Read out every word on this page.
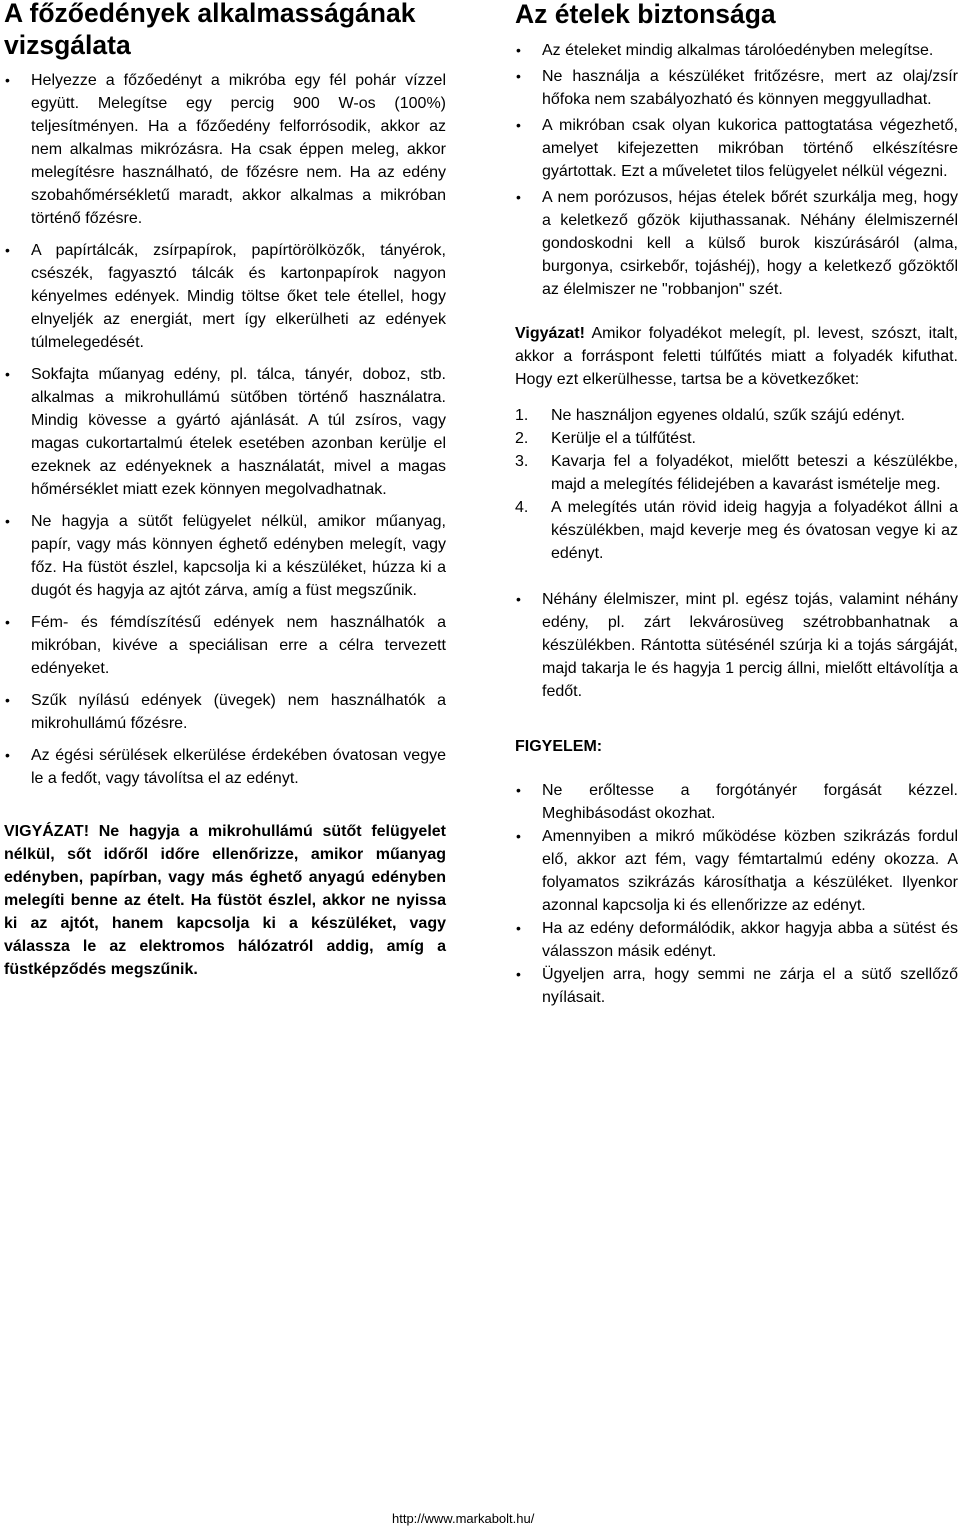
A főzőedények alkalmasságának vizsgálata
• Helyezze a főzőedényt a mikróba egy fél pohár vízzel együtt. Melegítse egy percig 900 W-os (100%) teljesítményen. Ha a főzőedény felforrósodik, akkor az nem alkalmas mikrózásra. Ha csak éppen meleg, akkor melegítésre használható, de főzésre nem. Ha az edény szobahőmérsékletű maradt, akkor alkalmas a mikróban történő főzésre.
• A papírtálcák, zsírpapírok, papírtörölközők, tányérok, csészék, fagyasztó tálcák és kartonpapírok nagyon kényelmes edények. Mindig töltse őket tele étellel, hogy elnyeljék az energiát, mert így elkerülheti az edények túlmelegedését.
• Sokfajta műanyag edény, pl. tálca, tányér, doboz, stb. alkalmas a mikrohullámú sütőben történő használatra. Mindig kövesse a gyártó ajánlását. A túl zsíros, vagy magas cukortartalmú ételek esetében azonban kerülje el ezeknek az edényeknek a használatát, mivel a magas hőmérséklet miatt ezek könnyen megolvadhatnak.
• Ne hagyja a sütőt felügyelet nélkül, amikor műanyag, papír, vagy más könnyen éghető edényben melegít, vagy főz. Ha füstöt észlel, kapcsolja ki a készüléket, húzza ki a dugót és hagyja az ajtót zárva, amíg a füst megszűnik.
• Fém- és fémdíszítésű edények nem használhatók a mikróban, kivéve a speciálisan erre a célra tervezett edényeket.
• Szűk nyílású edények (üvegek) nem használhatók a mikrohullámú főzésre.
• Az égési sérülések elkerülése érdekében óvatosan vegye le a fedőt, vagy távolítsa el az edényt.

VIGYÁZAT! Ne hagyja a mikrohullámú sütőt felügyelet nélkül, sőt időről időre ellenőrizze, amikor műanyag edényben, papírban, vagy más éghető anyagú edényben melegíti benne az ételt. Ha füstöt észlel, akkor ne nyissa ki az ajtót, hanem kapcsolja ki a készüléket, vagy válassza le az elektromos hálózatról addig, amíg a füstképződés megszűnik.

Az ételek biztonsága
• Az ételeket mindig alkalmas tárolóedényben melegítse.
• Ne használja a készüléket fritőzésre, mert az olaj/zsír hőfoka nem szabályozható és könnyen meggyulladhat.
• A mikróban csak olyan kukorica pattogtatása végezhető, amelyet kifejezetten mikróban történő elkészítésre gyártottak. Ezt a műveletet tilos felügyelet nélkül végezni.
• A nem porózusos, héjas ételek bőrét szurkálja meg, hogy a keletkező gőzök kijuthassanak. Néhány élelmiszernél gondoskodni kell a külső burok kiszúrásáról (alma, burgonya, csirkebőr, tojáshéj), hogy a keletkező gőzöktől az élelmiszer ne "robbanjon" szét.

Vigyázat! Amikor folyadékot melegít, pl. levest, szószt, italt, akkor a forráspont feletti túlfűtés miatt a folyadék kifuthat. Hogy ezt elkerülhesse, tartsa be a következőket:

1. Ne használjon egyenes oldalú, szűk szájú edényt.
2. Kerülje el a túlfűtést.
3. Kavarja fel a folyadékot, mielőtt beteszi a készülékbe, majd a melegítés félidejében a kavarást ismételje meg.
4. A melegítés után rövid ideig hagyja a folyadékot állni a készülékben, majd keverje meg és óvatosan vegye ki az edényt.
• Néhány élelmiszer, mint pl. egész tojás, valamint néhány edény, pl. zárt lekvárosüveg szétrobbanhatnak a készülékben. Rántotta sütésénél szúrja ki a tojás sárgáját, majd takarja le és hagyja 1 percig állni, mielőtt eltávolítja a fedőt.

FIGYELEM:

• Ne erőltesse a forgótányér forgását kézzel. Meghibásodást okozhat.
• Amennyiben a mikró működése közben szikrázás fordul elő, akkor azt fém, vagy fémtartalmú edény okozza. A folyamatos szikrázás károsíthatja a készüléket. Ilyenkor azonnal kapcsolja ki és ellenőrizze az edényt.
• Ha az edény deformálódik, akkor hagyja abba a sütést és válasszon másik edényt.
• Ügyeljen arra, hogy semmi ne zárja el a sütő szellőző nyílásait.
http://www.markabolt.hu/
